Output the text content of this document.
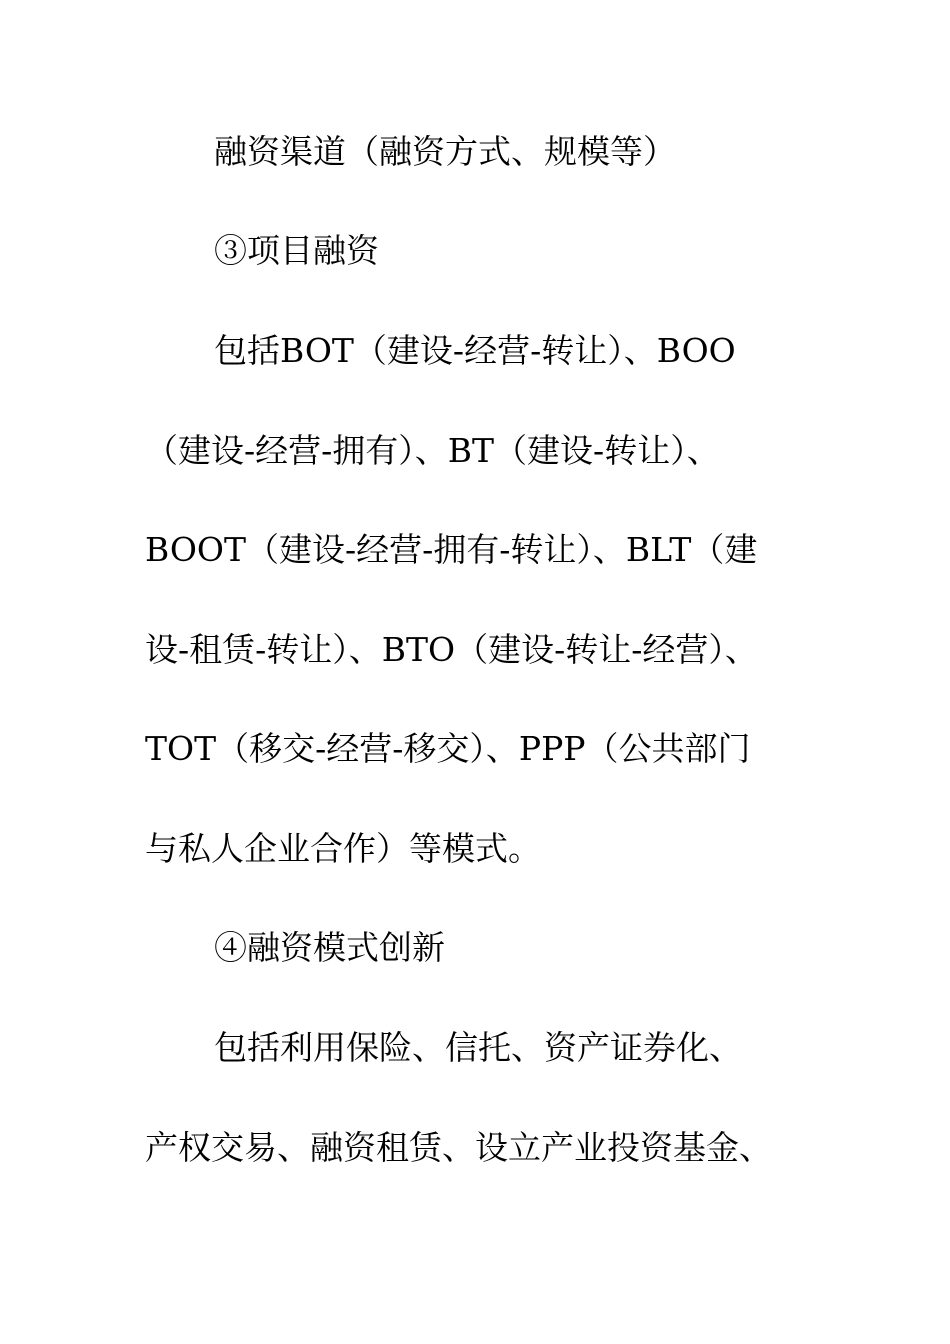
融资渠道（融资方式、规模等）
③项目融资
包括BOT（建设-经营-转让）、BOO
（建设-经营-拥有）、BT（建设-转让）、
BOOT（建设-经营-拥有-转让）、BLT（建
设-租赁-转让）、BTO（建设-转让-经营）、
TOT（移交-经营-移交）、PPP（公共部门
与私人企业合作）等模式。
④融资模式创新
包括利用保险、信托、资产证券化、
产权交易、融资租赁、设立产业投资基金、
